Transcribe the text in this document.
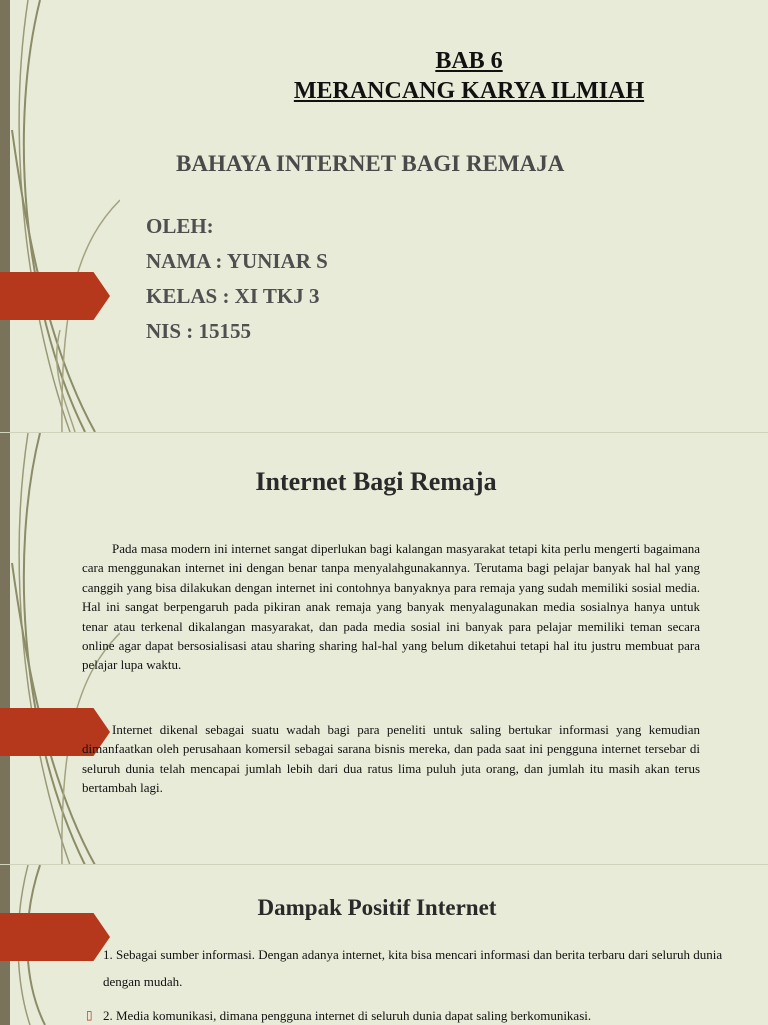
BAB 6
MERANCANG KARYA ILMIAH
BAHAYA INTERNET BAGI REMAJA
OLEH:
NAMA : YUNIAR S
KELAS : XI TKJ 3
NIS : 15155
Internet Bagi Remaja

Pada masa modern ini internet sangat diperlukan bagi kalangan masyarakat tetapi kita perlu mengerti bagaimana cara menggunakan internet ini dengan benar tanpa menyalahgunakannya. Terutama bagi pelajar banyak hal hal yang canggih yang bisa dilakukan dengan internet ini contohnya banyaknya para remaja yang sudah memiliki sosial media. Hal ini sangat berpengaruh pada pikiran anak remaja yang banyak menyalagunakan media sosialnya hanya untuk tenar atau terkenal dikalangan masyarakat, dan pada media sosial ini banyak para pelajar memiliki teman secara online agar dapat bersosialisasi atau sharing sharing hal-hal yang belum diketahui tetapi hal itu justru membuat para pelajar lupa waktu.

Internet dikenal sebagai suatu wadah bagi para peneliti untuk saling bertukar informasi yang kemudian dimanfaatkan oleh perusahaan komersil sebagai sarana bisnis mereka, dan pada saat ini pengguna internet tersebar di seluruh dunia telah mencapai jumlah lebih dari dua ratus lima puluh juta orang, dan jumlah itu masih akan terus bertambah lagi.

Dampak Positif Internet
▯ 1. Sebagai sumber informasi. Dengan adanya internet, kita bisa mencari informasi dan berita terbaru dari seluruh dunia dengan mudah.
▯ 2. Media komunikasi, dimana pengguna internet di seluruh dunia dapat saling berkomunikasi.
